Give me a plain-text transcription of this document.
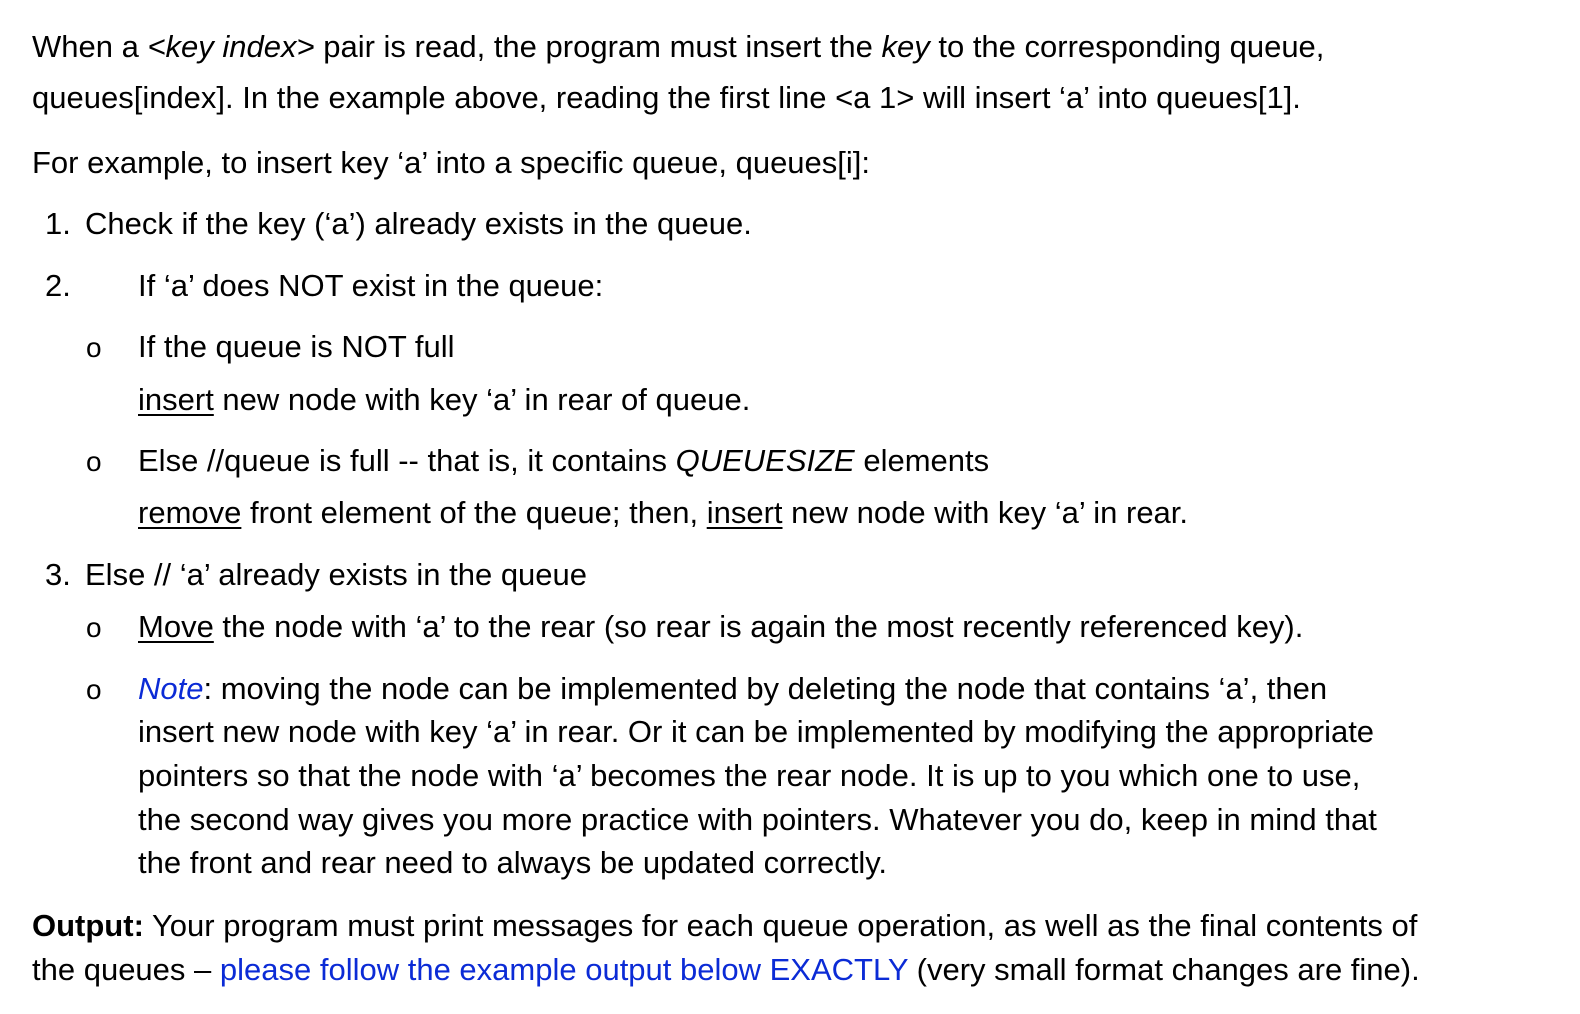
When a <key index> pair is read, the program must insert the key to the corresponding queue,
queues[index]. In the example above, reading the first line <a 1> will insert ‘a’ into queues[1].
For example, to insert key ‘a’ into a specific queue, queues[i]:
1. Check if the key (‘a’) already exists in the queue.
2. If ‘a’ does NOT exist in the queue:
o If the queue is NOT full
insert new node with key ‘a’ in rear of queue.
o Else //queue is full -- that is, it contains QUEUESIZE elements
remove front element of the queue; then, insert new node with key ‘a’ in rear.
3. Else // ‘a’ already exists in the queue
o Move the node with ‘a’ to the rear (so rear is again the most recently referenced key).
o Note: moving the node can be implemented by deleting the node that contains ‘a’, then
insert new node with key ‘a’ in rear. Or it can be implemented by modifying the appropriate
pointers so that the node with ‘a’ becomes the rear node. It is up to you which one to use,
the second way gives you more practice with pointers. Whatever you do, keep in mind that
the front and rear need to always be updated correctly.
Output: Your program must print messages for each queue operation, as well as the final contents of
the queues – please follow the example output below EXACTLY (very small format changes are fine).
